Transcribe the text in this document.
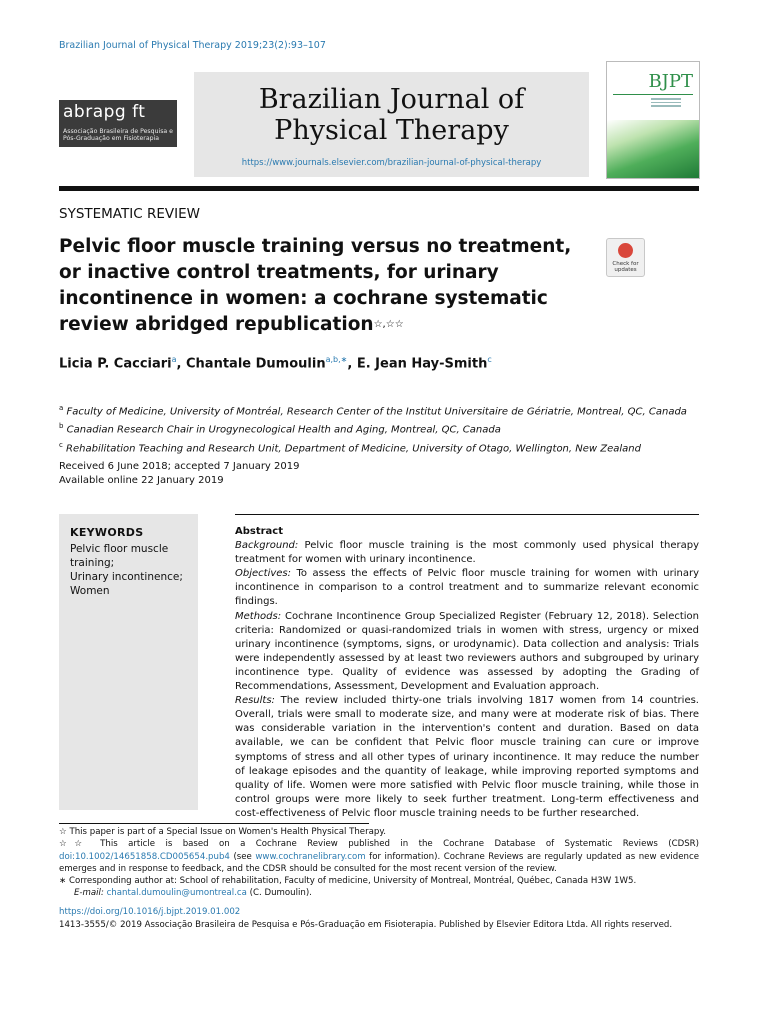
Brazilian Journal of Physical Therapy 2019;23(2):93–107
abrapg ft
Associação Brasileira de Pesquisa e
Pós-Graduação em Fisioterapia
Brazilian Journal of
Physical Therapy
https://www.journals.elsevier.com/brazilian-journal-of-physical-therapy
BJPT
SYSTEMATIC REVIEW
Pelvic floor muscle training versus no treatment, or inactive control treatments, for urinary incontinence in women: a cochrane systematic review abridged republication☆,☆☆
Check for updates
Licia P. Cacciari$^a$, Chantale Dumoulin$^{a,b,∗}$, E. Jean Hay-Smith$^c$
$^a$ Faculty of Medicine, University of Montréal, Research Center of the Institut Universitaire de Gériatrie, Montreal, QC, Canada
$^b$ Canadian Research Chair in Urogynecological Health and Aging, Montreal, QC, Canada
$^c$ Rehabilitation Teaching and Research Unit, Department of Medicine, University of Otago, Wellington, New Zealand
Received 6 June 2018; accepted 7 January 2019
Available online 22 January 2019
KEYWORDS
Pelvic floor muscle training;
Urinary incontinence;
Women
Abstract

Background: Pelvic floor muscle training is the most commonly used physical therapy treatment for women with urinary incontinence.

Objectives: To assess the effects of Pelvic floor muscle training for women with urinary incontinence in comparison to a control treatment and to summarize relevant economic findings.

Methods: Cochrane Incontinence Group Specialized Register (February 12, 2018). Selection criteria: Randomized or quasi-randomized trials in women with stress, urgency or mixed urinary incontinence (symptoms, signs, or urodynamic). Data collection and analysis: Trials were independently assessed by at least two reviewers authors and subgrouped by urinary incontinence type. Quality of evidence was assessed by adopting the Grading of Recommendations, Assessment, Development and Evaluation approach.

Results: The review included thirty-one trials involving 1817 women from 14 countries. Overall, trials were small to moderate size, and many were at moderate risk of bias. There was considerable variation in the intervention's content and duration. Based on data available, we can be confident that Pelvic floor muscle training can cure or improve symptoms of stress and all other types of urinary incontinence. It may reduce the number of leakage episodes and the quantity of leakage, while improving reported symptoms and quality of life. Women were more satisfied with Pelvic floor muscle training, while those in control groups were more likely to seek further treatment. Long-term effectiveness and cost-effectiveness of Pelvic floor muscle training needs to be further researched.

☆ This paper is part of a Special Issue on Women's Health Physical Therapy.

☆☆ This article is based on a Cochrane Review published in the Cochrane Database of Systematic Reviews (CDSR) doi:10.1002/14651858.CD005654.pub4 (see www.cochranelibrary.com for information). Cochrane Reviews are regularly updated as new evidence emerges and in response to feedback, and the CDSR should be consulted for the most recent version of the review.

∗ Corresponding author at: School of rehabilitation, Faculty of medicine, University of Montreal, Montréal, Québec, Canada H3W 1W5.

E-mail: chantal.dumoulin@umontreal.ca (C. Dumoulin).

https://doi.org/10.1016/j.bjpt.2019.01.002
1413-3555/© 2019 Associação Brasileira de Pesquisa e Pós-Graduação em Fisioterapia. Published by Elsevier Editora Ltda. All rights reserved.
